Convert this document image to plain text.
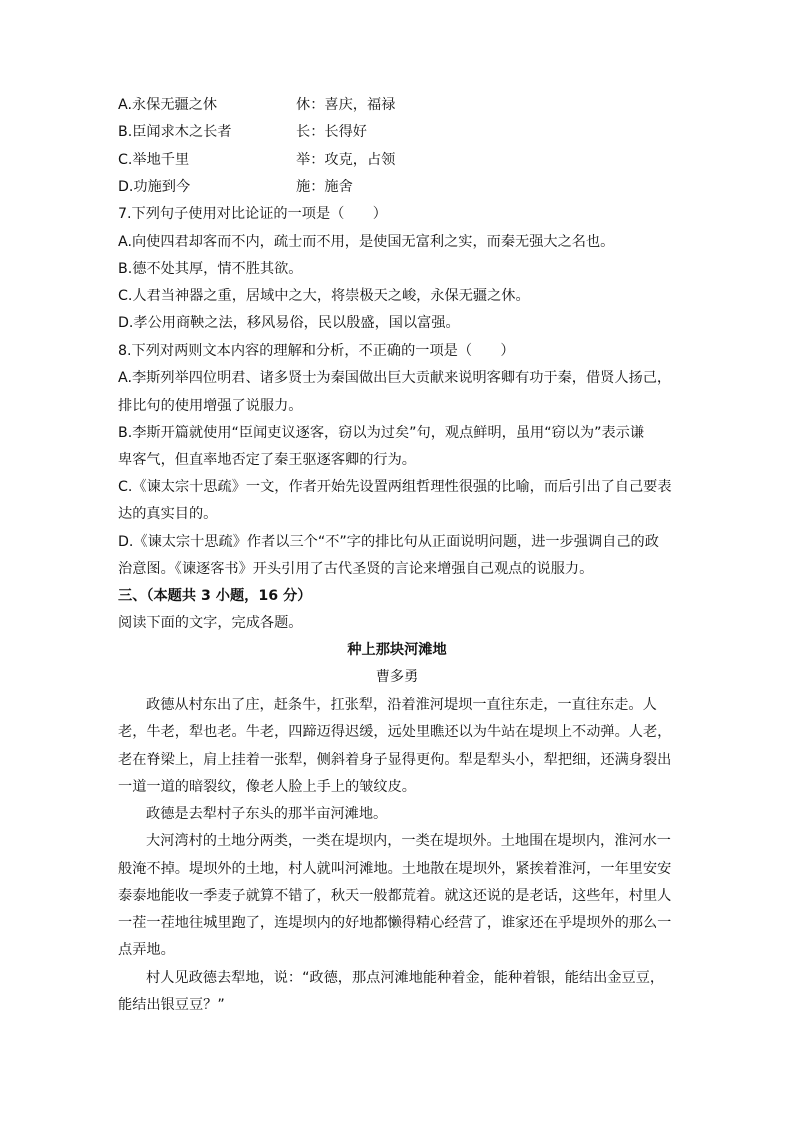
A.永保无疆之休	休：喜庆，福禄
B.臣闻求木之长者	长：长得好
C.举地千里	举：攻克，占领
D.功施到今	施：施舍
7.下列句子使用对比论证的一项是（　　）
A.向使四君却客而不内，疏士而不用，是使国无富利之实，而秦无强大之名也。
B.德不处其厚，情不胜其欲。
C.人君当神器之重，居域中之大，将崇极天之峻，永保无疆之休。
D.孝公用商鞅之法，移风易俗，民以殷盛，国以富强。
8.下列对两则文本内容的理解和分析，不正确的一项是（　　）
A.李斯列举四位明君、诸多贤士为秦国做出巨大贡献来说明客卿有功于秦，借贤人扬己，
排比句的使用增强了说服力。
B.李斯开篇就使用“臣闻吏议逐客，窃以为过矣”句，观点鲜明，虽用“窃以为”表示谦
卑客气，但直率地否定了秦王驱逐客卿的行为。
C.《谏太宗十思疏》一文，作者开始先设置两组哲理性很强的比喻，而后引出了自己要表
达的真实目的。
D.《谏太宗十思疏》作者以三个“不”字的排比句从正面说明问题，进一步强调自己的政
治意图。《谏逐客书》开头引用了古代圣贤的言论来增强自己观点的说服力。
三、（本题共 3 小题，16 分）
阅读下面的文字，完成各题。
种上那块河滩地
曹多勇
政德从村东出了庄，赶条牛，扛张犁，沿着淮河堤坝一直往东走，一直往东走。人
老，牛老，犁也老。牛老，四蹄迈得迟缓，远处里瞧还以为牛站在堤坝上不动弹。人老，
老在脊梁上，肩上挂着一张犁，侧斜着身子显得更佝。犁是犁头小，犁把细，还满身裂出
一道一道的暗裂纹，像老人脸上手上的皱纹皮。
政德是去犁村子东头的那半亩河滩地。
大河湾村的土地分两类，一类在堤坝内，一类在堤坝外。土地围在堤坝内，淮河水一
般淹不掉。堤坝外的土地，村人就叫河滩地。土地散在堤坝外，紧挨着淮河，一年里安安
泰泰地能收一季麦子就算不错了，秋天一般都荒着。就这还说的是老话，这些年，村里人
一茬一茬地往城里跑了，连堤坝内的好地都懒得精心经营了，谁家还在乎堤坝外的那么一
点弄地。
村人见政德去犁地，说：“政德，那点河滩地能种着金，能种着银，能结出金豆豆，
能结出银豆豆？”
